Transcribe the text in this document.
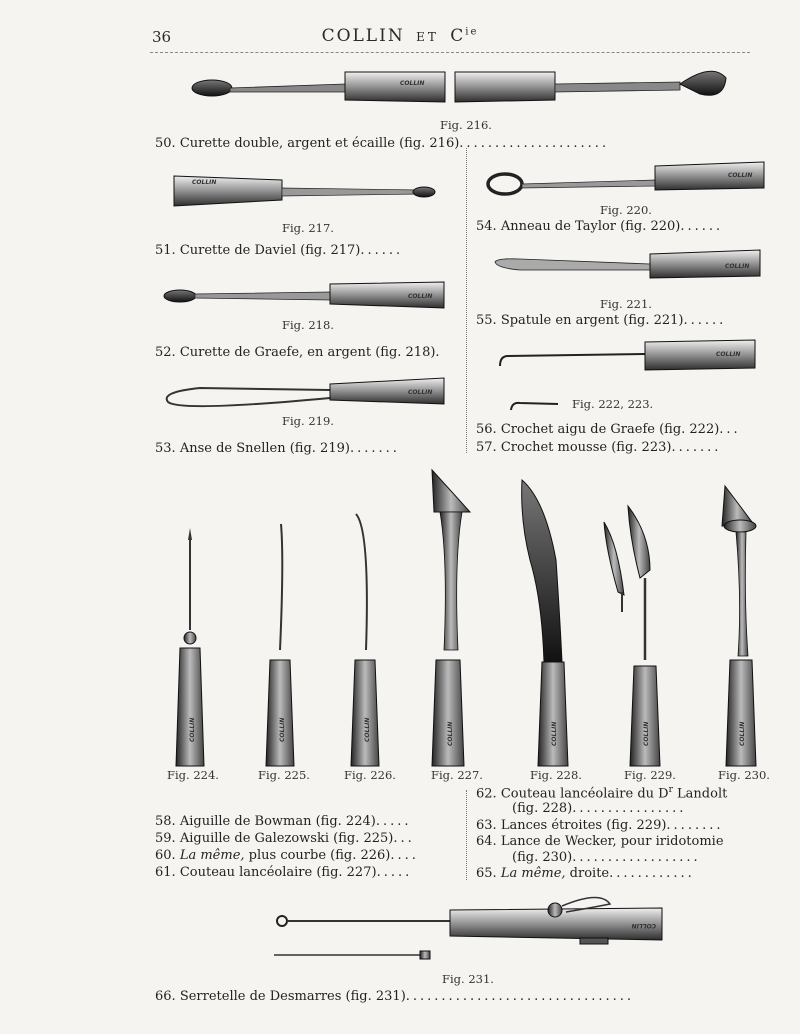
36	COLLIN ET $C^{ie}$
COLLIN
COLLIN
COLLIN
COLLIN
COLLIN
COLLIN
COLLIN
COLLIN
COLLIN	COLLIN	COLLIN	COLLIN	COLLIN	COLLIN	COLLIN
Fig. 216.
Fig. 217.
Fig. 218.
Fig. 219.
Fig. 220.
Fig. 221.
Fig. 222, 223.
Fig. 224.	Fig. 225.	Fig. 226.	Fig. 227.	Fig. 228.	Fig. 229.	Fig. 230.
Fig. 231.
50. Curette double, argent et écaille (fig. 216).....................
51. Curette de Daviel (fig. 217)......
52. Curette de Graefe, en argent (fig. 218).
53. Anse de Snellen (fig. 219).......
54. Anneau de Taylor (fig. 220)......
55. Spatule en argent (fig. 221)......
56. Crochet aigu de Graefe (fig. 222)...
57. Crochet mousse (fig. 223).......
58. Aiguille de Bowman (fig. 224).....
59. Aiguille de Galezowski (fig. 225)...
60. La même, plus courbe (fig. 226)....
61. Couteau lancéolaire (fig. 227).....
62. Couteau lancéolaire du $D^r$ Landolt
(fig. 228)................
63. Lances étroites (fig. 229)........
64. Lance de Wecker, pour iridotomie
(fig. 230)..................
65. La même, droite............
66. Serretelle de Desmarres (fig. 231)................................
